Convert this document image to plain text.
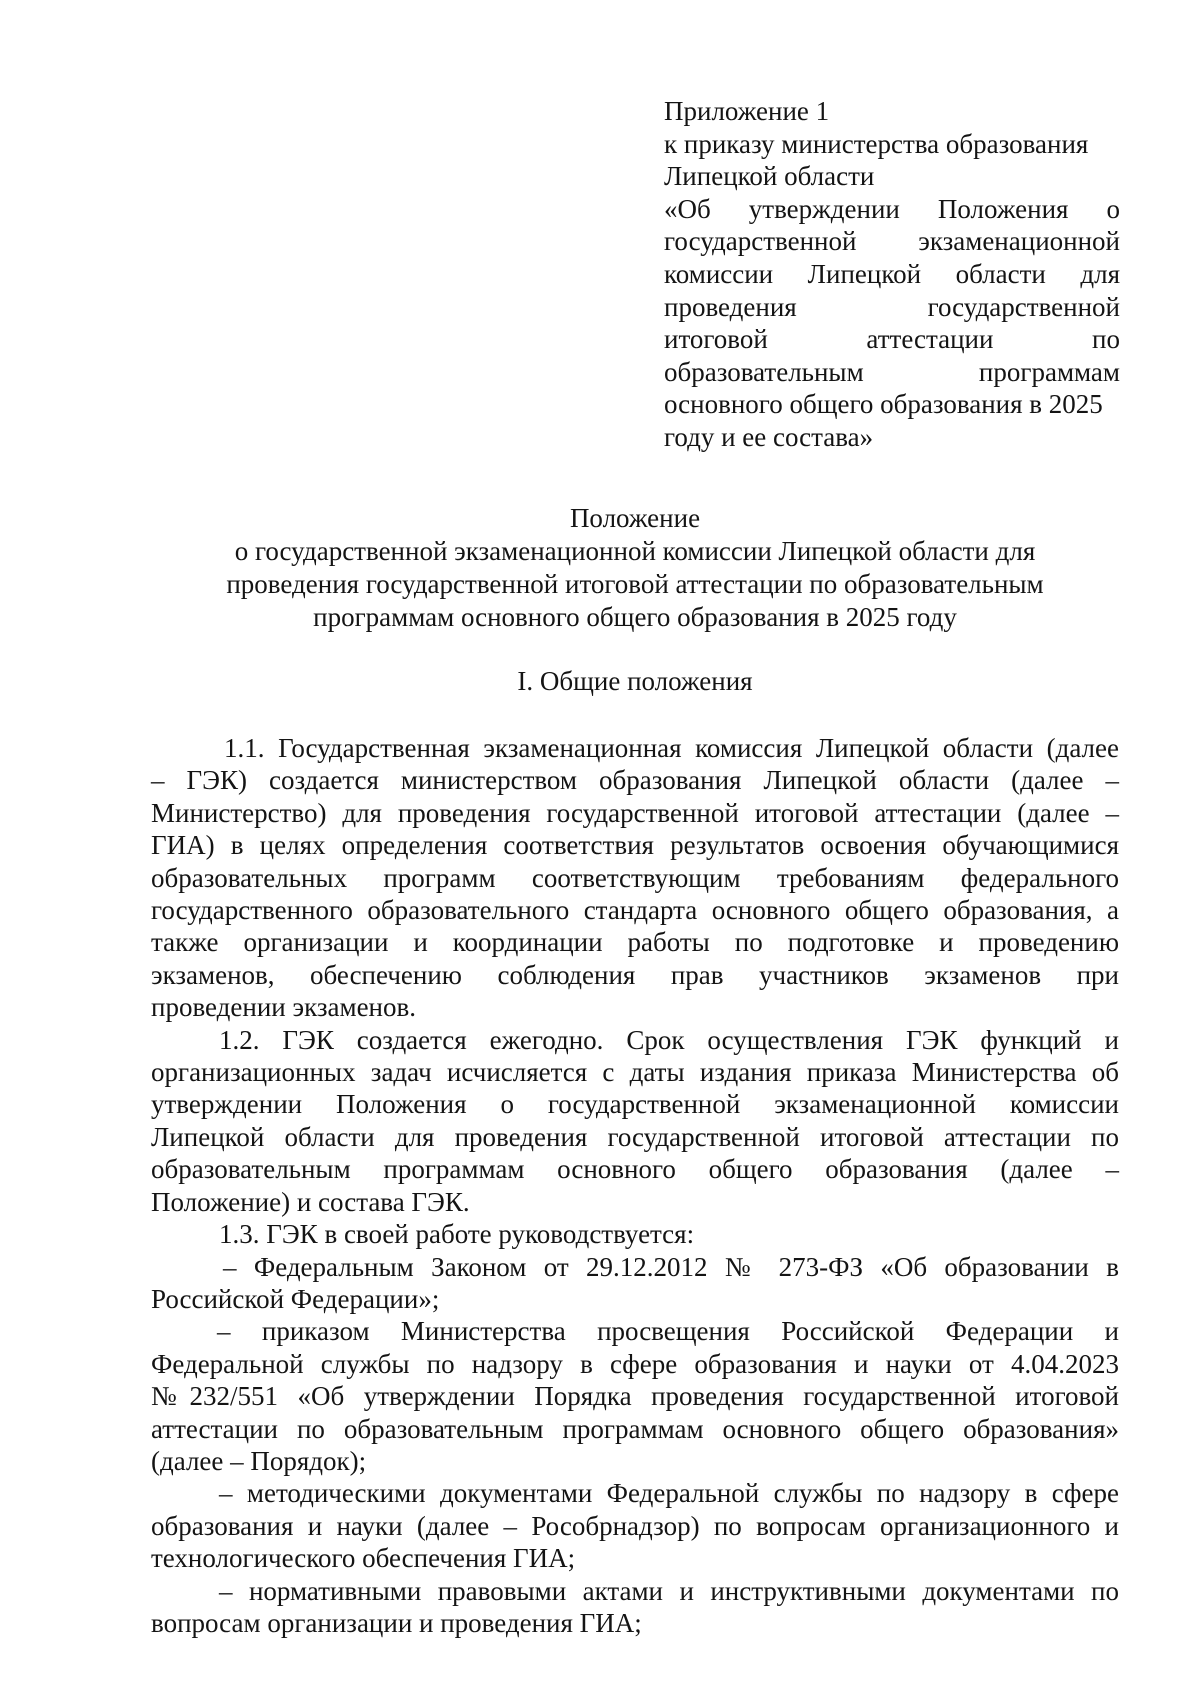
Приложение 1
к приказу министерства образования
Липецкой области
«Об утверждении Положения о
государственной экзаменационной
комиссии Липецкой области для
проведения государственной
итоговой аттестации по
образовательным программам
основного общего образования в 2025
году и ее состава»
Положение
о государственной экзаменационной комиссии Липецкой области для
проведения государственной итоговой аттестации по образовательным
программам основного общего образования в 2025 году
I. Общие положения
1.1. Государственная экзаменационная комиссия Липецкой области (далее
– ГЭК) создается министерством образования Липецкой области (далее –
Министерство) для проведения государственной итоговой аттестации (далее –
ГИА) в целях определения соответствия результатов освоения обучающимися
образовательных программ соответствующим требованиям федерального
государственного образовательного стандарта основного общего образования, а
также организации и координации работы по подготовке и проведению
экзаменов, обеспечению соблюдения прав участников экзаменов при
проведении экзаменов.
1.2. ГЭК создается ежегодно. Срок осуществления ГЭК функций и
организационных задач исчисляется с даты издания приказа Министерства об
утверждении Положения о государственной экзаменационной комиссии
Липецкой области для проведения государственной итоговой аттестации по
образовательным программам основного общего образования (далее –
Положение) и состава ГЭК.
1.3. ГЭК в своей работе руководствуется:
– Федеральным Законом от 29.12.2012 № 273-ФЗ «Об образовании в
Российской Федерации»;
– приказом Министерства просвещения Российской Федерации и
Федеральной службы по надзору в сфере образования и науки от 4.04.2023
№232/551 «Об утверждении Порядка проведения государственной итоговой
аттестации по образовательным программам основного общего образования»
(далее – Порядок);
– методическими документами Федеральной службы по надзору в сфере
образования и науки (далее – Рособрнадзор) по вопросам организационного и
технологического обеспечения ГИА;
– нормативными правовыми актами и инструктивными документами по
вопросам организации и проведения ГИА;
